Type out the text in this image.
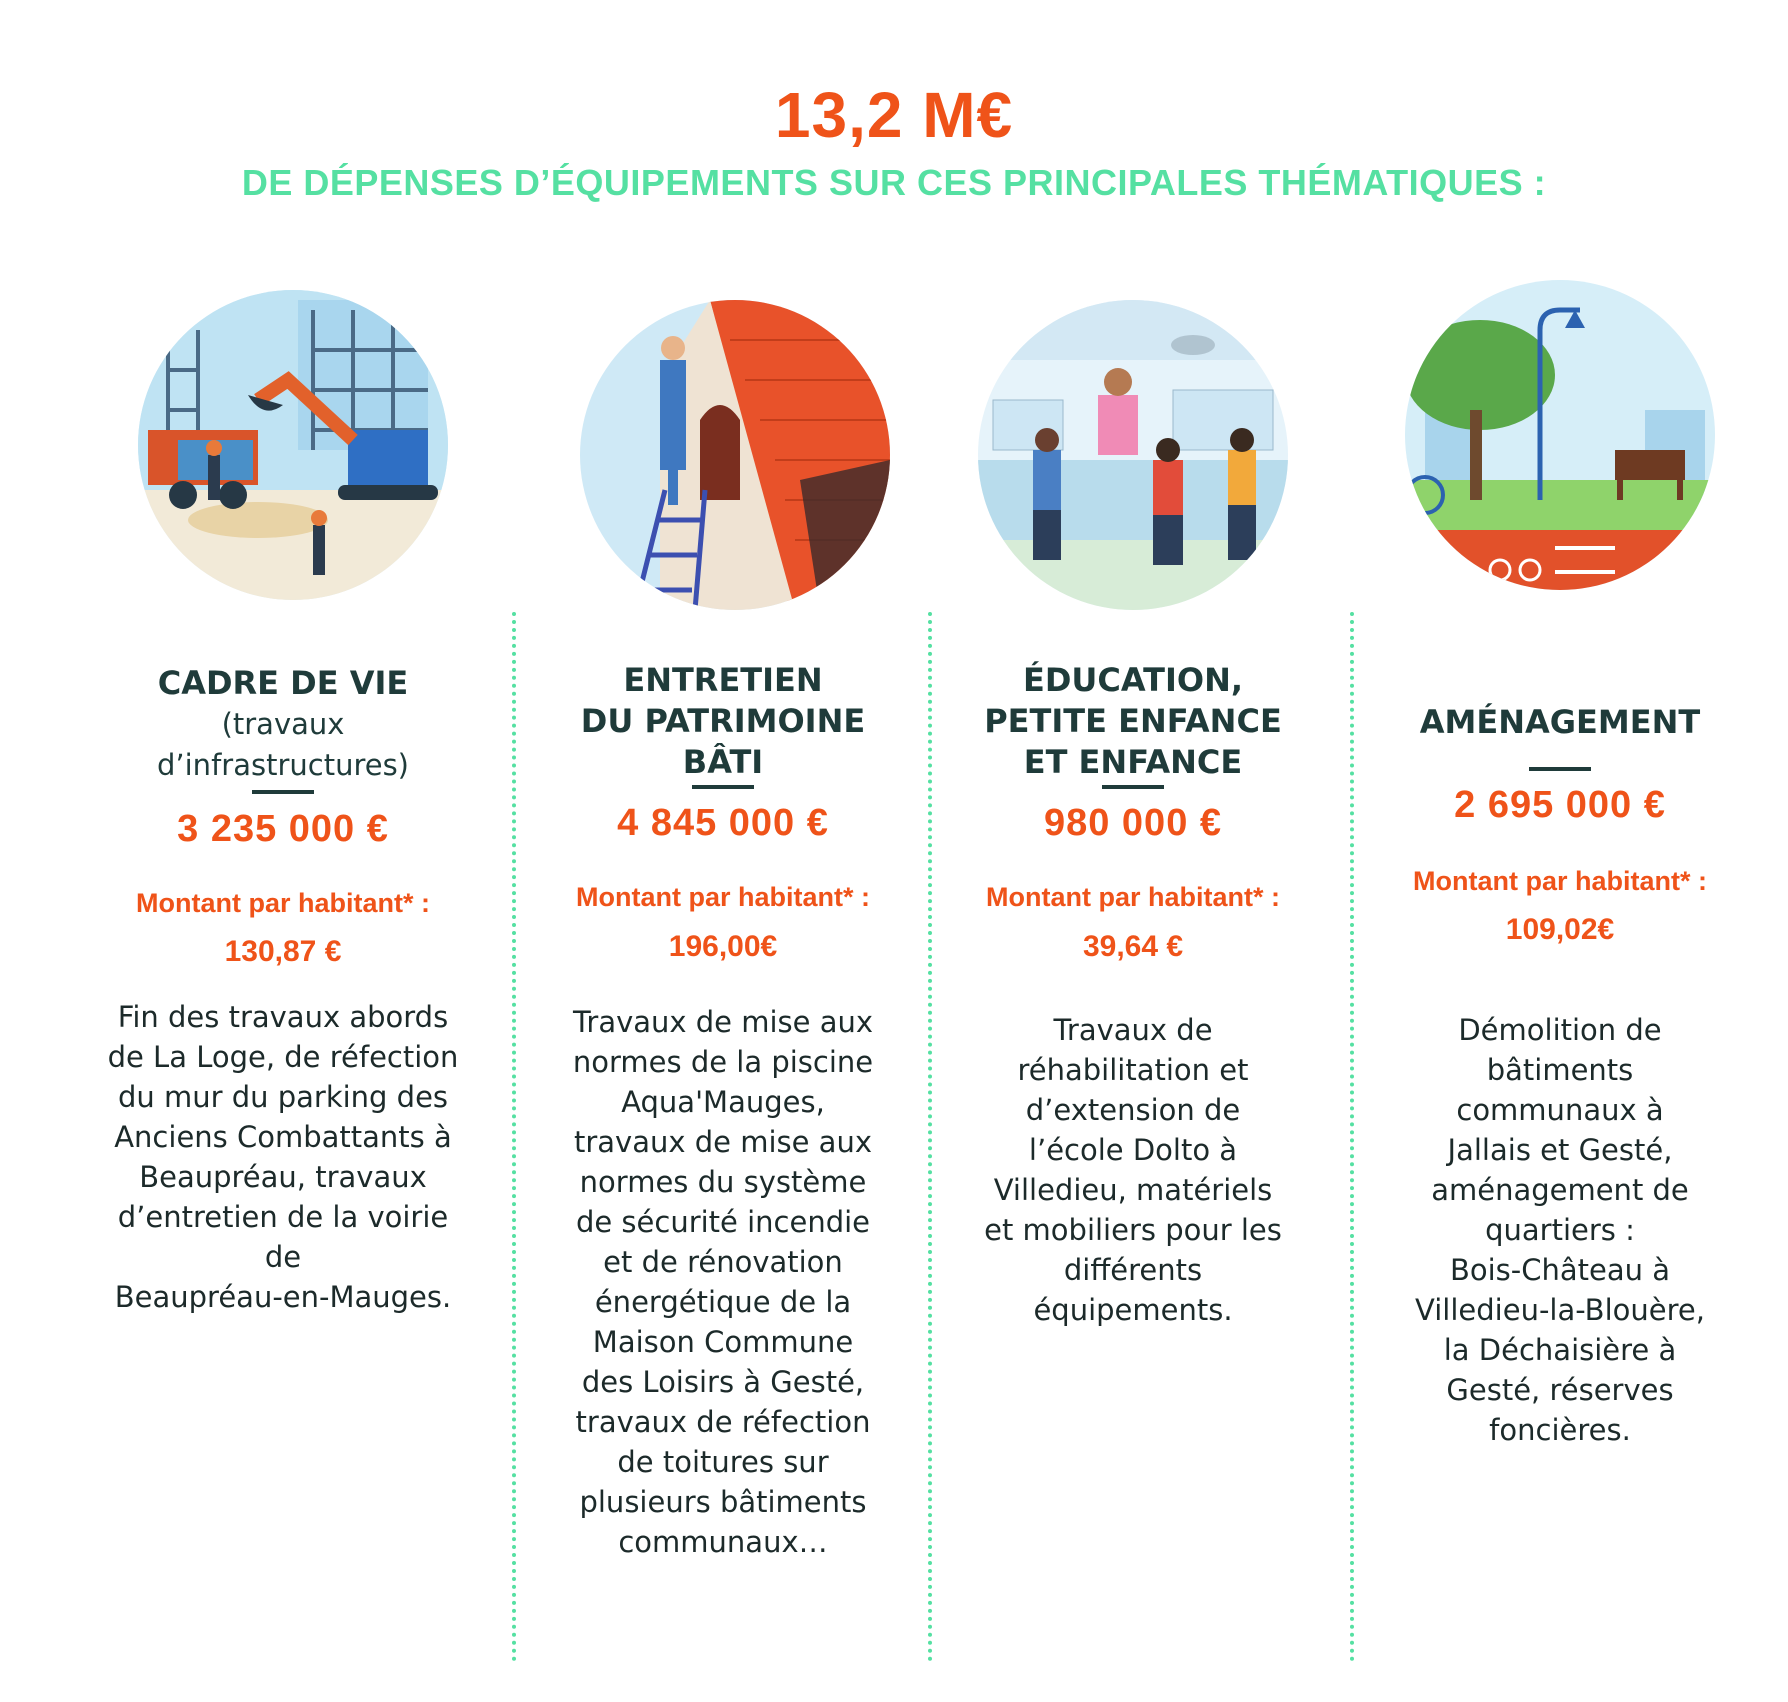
13,2 M€
DE DÉPENSES D’ÉQUIPEMENTS SUR CES PRINCIPALES THÉMATIQUES :
CADRE DE VIE
(travaux
d’infrastructures)
3 235 000 €
Montant par habitant* :
130,87 €
Fin des travaux abords
de La Loge, de réfection
du mur du parking des
Anciens Combattants à
Beaupréau, travaux
d’entretien de la voirie
de
Beaupréau-en-Mauges.
ENTRETIEN
DU PATRIMOINE
BÂTI
4 845 000 €
Montant par habitant* :
196,00€
Travaux de mise aux
normes de la piscine
Aqua'Mauges,
travaux de mise aux
normes du système
de sécurité incendie
et de rénovation
énergétique de la
Maison Commune
des Loisirs à Gesté,
travaux de réfection
de toitures sur
plusieurs bâtiments
communaux…
ÉDUCATION,
PETITE ENFANCE
ET ENFANCE
980 000 €
Montant par habitant* :
39,64 €
Travaux de
réhabilitation et
d’extension de
l’école Dolto à
Villedieu, matériels
et mobiliers pour les
différents
équipements.
AMÉNAGEMENT
2 695 000 €
Montant par habitant* :
109,02€
Démolition de
bâtiments
communaux à
Jallais et Gesté,
aménagement de
quartiers :
Bois-Château à
Villedieu-la-Blouère,
la Déchaisière à
Gesté, réserves
foncières.
